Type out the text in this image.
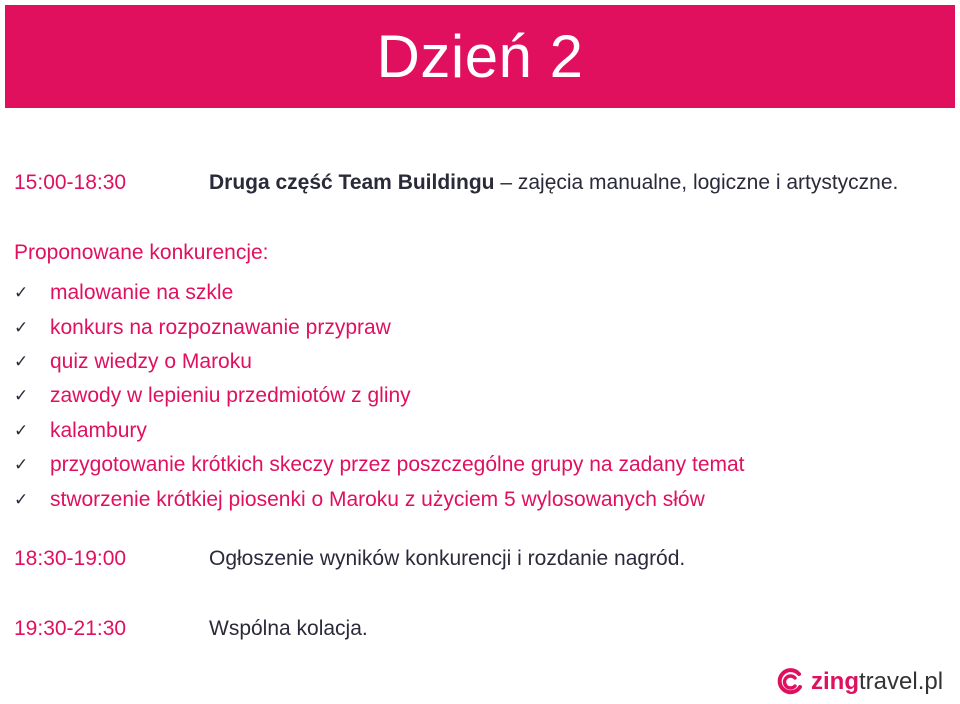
Dzień 2
15:00-18:30	Druga część Team Buildingu – zajęcia manualne, logiczne i artystyczne.
Proponowane konkurencje:
✓	malowanie na szkle
✓	konkurs na rozpoznawanie przypraw
✓	quiz wiedzy o Maroku
✓	zawody w lepieniu przedmiotów z gliny
✓	kalambury
✓	przygotowanie krótkich skeczy przez poszczególne grupy na zadany temat
✓	stworzenie krótkiej piosenki o Maroku z użyciem 5 wylosowanych słów
18:30-19:00	Ogłoszenie wyników konkurencji i rozdanie nagród.
19:30-21:30	Wspólna kolacja.
zingtravel.pl
